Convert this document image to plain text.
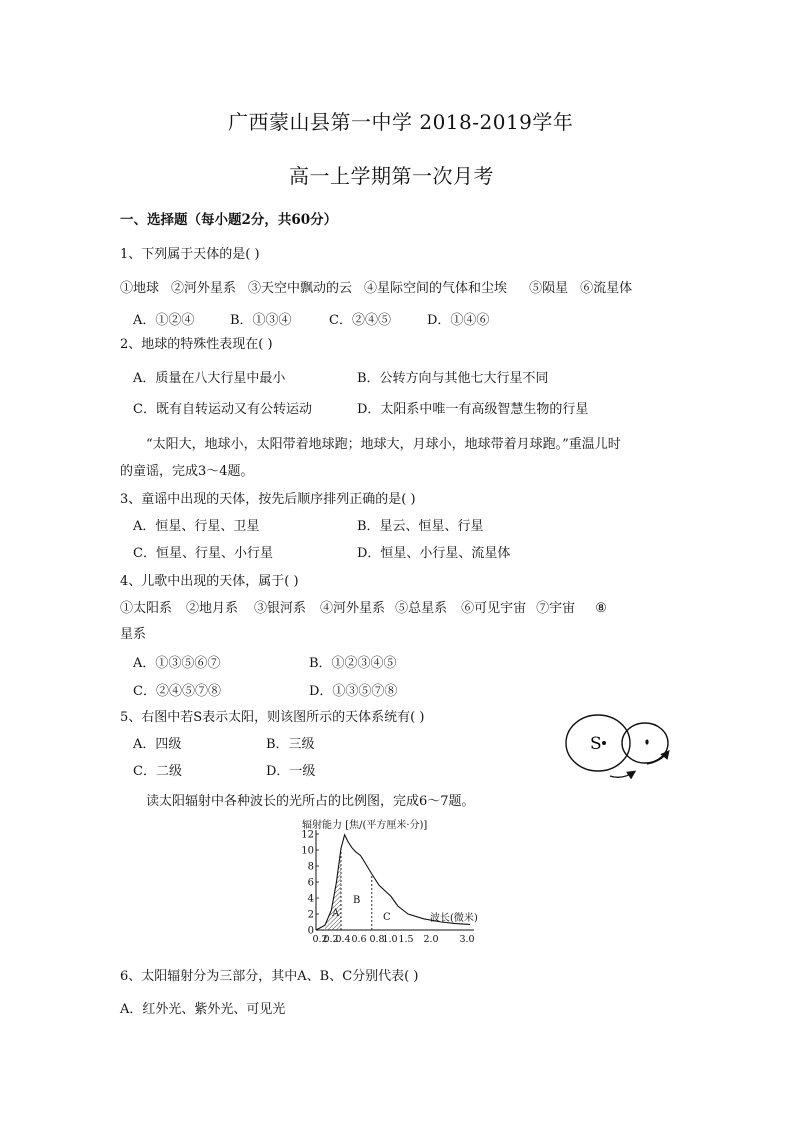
广西蒙山县第一中学 2018-2019学年
高一上学期第一次月考
一、选择题（每小题2分，共60分）
1、下列属于天体的是( )
①地球 ②河外星系 ③天空中飘动的云 ④星际空间的气体和尘埃 ⑤陨星 ⑥流星体
A．①②④	B．①③④	C．②④⑤	D．①④⑥
2、地球的特殊性表现在( )
A．质量在八大行星中最小	B．公转方向与其他七大行星不同
C．既有自转运动又有公转运动	D．太阳系中唯一有高级智慧生物的行星
“太阳大，地球小，太阳带着地球跑；地球大，月球小，地球带着月球跑。”重温儿时
的童谣，完成3～4题。
3、童谣中出现的天体，按先后顺序排列正确的是( )
A．恒星、行星、卫星	B．星云、恒星、行星
C．恒星、行星、小行星	D．恒星、小行星、流星体
4、儿歌中出现的天体，属于( )
①太阳系 ②地月系 ③银河系 ④河外星系 ⑤总星系 ⑥可见宇宙 ⑦宇宙 ⑧
星系
A．①③⑤⑥⑦	B．①②③④⑤
C．②④⑤⑦⑧	D．①③⑤⑦⑧
5、右图中若S表示太阳，则该图所示的天体系统有( )
A．四级	B．三级
C．二级	D．一级
S
读太阳辐射中各种波长的光所占的比例图，完成6～7题。
0
2
4
6
8
10
12
A
B
C
辐射能力 [焦/(平方厘米·分)]
波长(微米)
0.2
0.2
0.4 0.6 0.8
1.0 1.5 2.0 3.0
6、太阳辐射分为三部分，其中A、B、C分别代表( )
A．红外光、紫外光、可见光
